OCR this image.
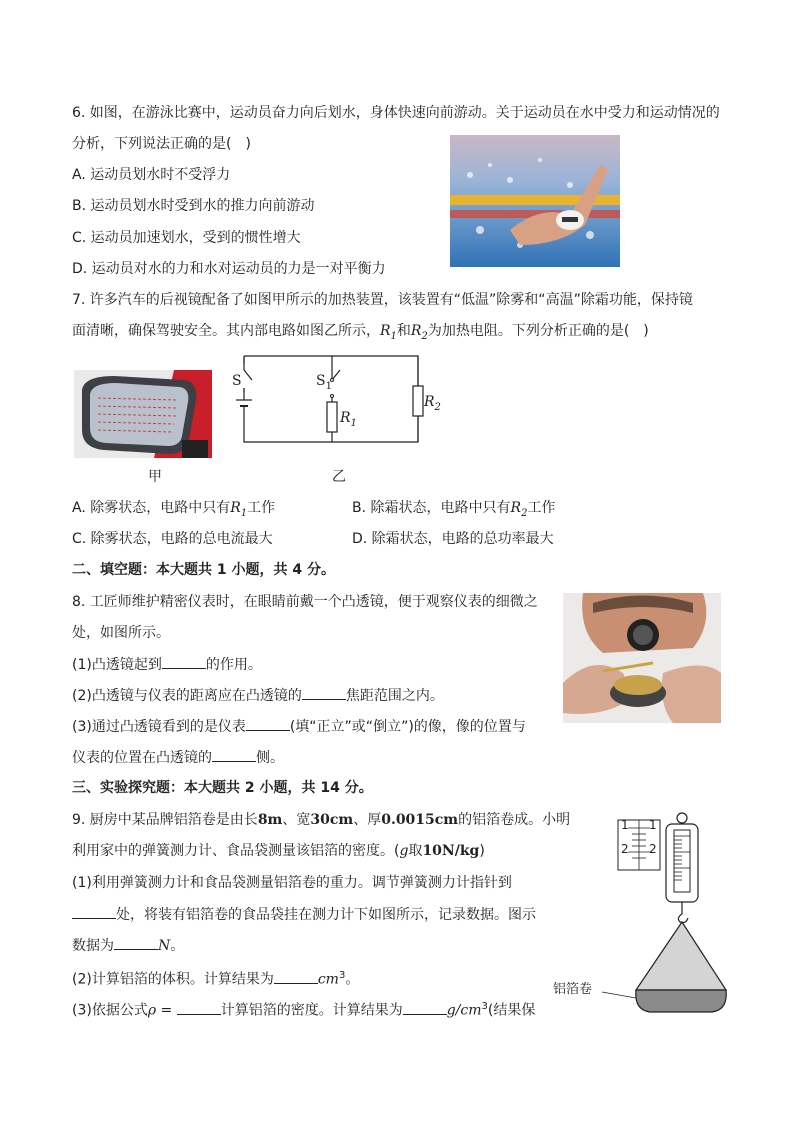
6. 如图，在游泳比赛中，运动员奋力向后划水，身体快速向前游动。关于运动员在水中受力和运动情况的
分析，下列说法正确的是(　)
A. 运动员划水时不受浮力
B. 运动员划水时受到水的推力向前游动
C. 运动员加速划水，受到的惯性增大
D. 运动员对水的力和水对运动员的力是一对平衡力
7. 许多汽车的后视镜配备了如图甲所示的加热装置，该装置有“低温”除雾和“高温”除霜功能，保持镜
面清晰，确保驾驶安全。其内部电路如图乙所示，$R_1$和$R_2$为加热电阻。下列分析正确的是(　)
甲
S	$S_1$
$R_1$
$R_2$
乙
A. 除雾状态，电路中只有$R_1$工作	B. 除霜状态，电路中只有$R_2$工作
C. 除雾状态，电路的总电流最大	D. 除霜状态，电路的总功率最大
二、填空题：本大题共 1 小题，共 4 分。
8. 工匠师维护精密仪表时，在眼睛前戴一个凸透镜，便于观察仪表的细微之
处，如图所示。
(1)凸透镜起到	的作用。
(2)凸透镜与仪表的距离应在凸透镜的	焦距范围之内。
(3)通过凸透镜看到的是仪表	(填“正立”或“倒立”)的像，像的位置与
仪表的位置在凸透镜的	侧。
三、实验探究题：本大题共 2 小题，共 14 分。
9. 厨房中某品牌铝箔卷是由长8m、宽30cm、厚0.0015cm的铝箔卷成。小明
利用家中的弹簧测力计、食品袋测量该铝箔的密度。(g取10N/kg)
(1)利用弹簧测力计和食品袋测量铝箔卷的重力。调节弹簧测力计指针到
处，将装有铝箔卷的食品袋挂在测力计下如图所示，记录数据。图示
数据为	N。
(2)计算铝箔的体积。计算结果为	$cm^3$。
(3)依据公式ρ =	计算铝箔的密度。计算结果为	$g/cm^3$(结果保
1 1
2 2
铝箔卷
